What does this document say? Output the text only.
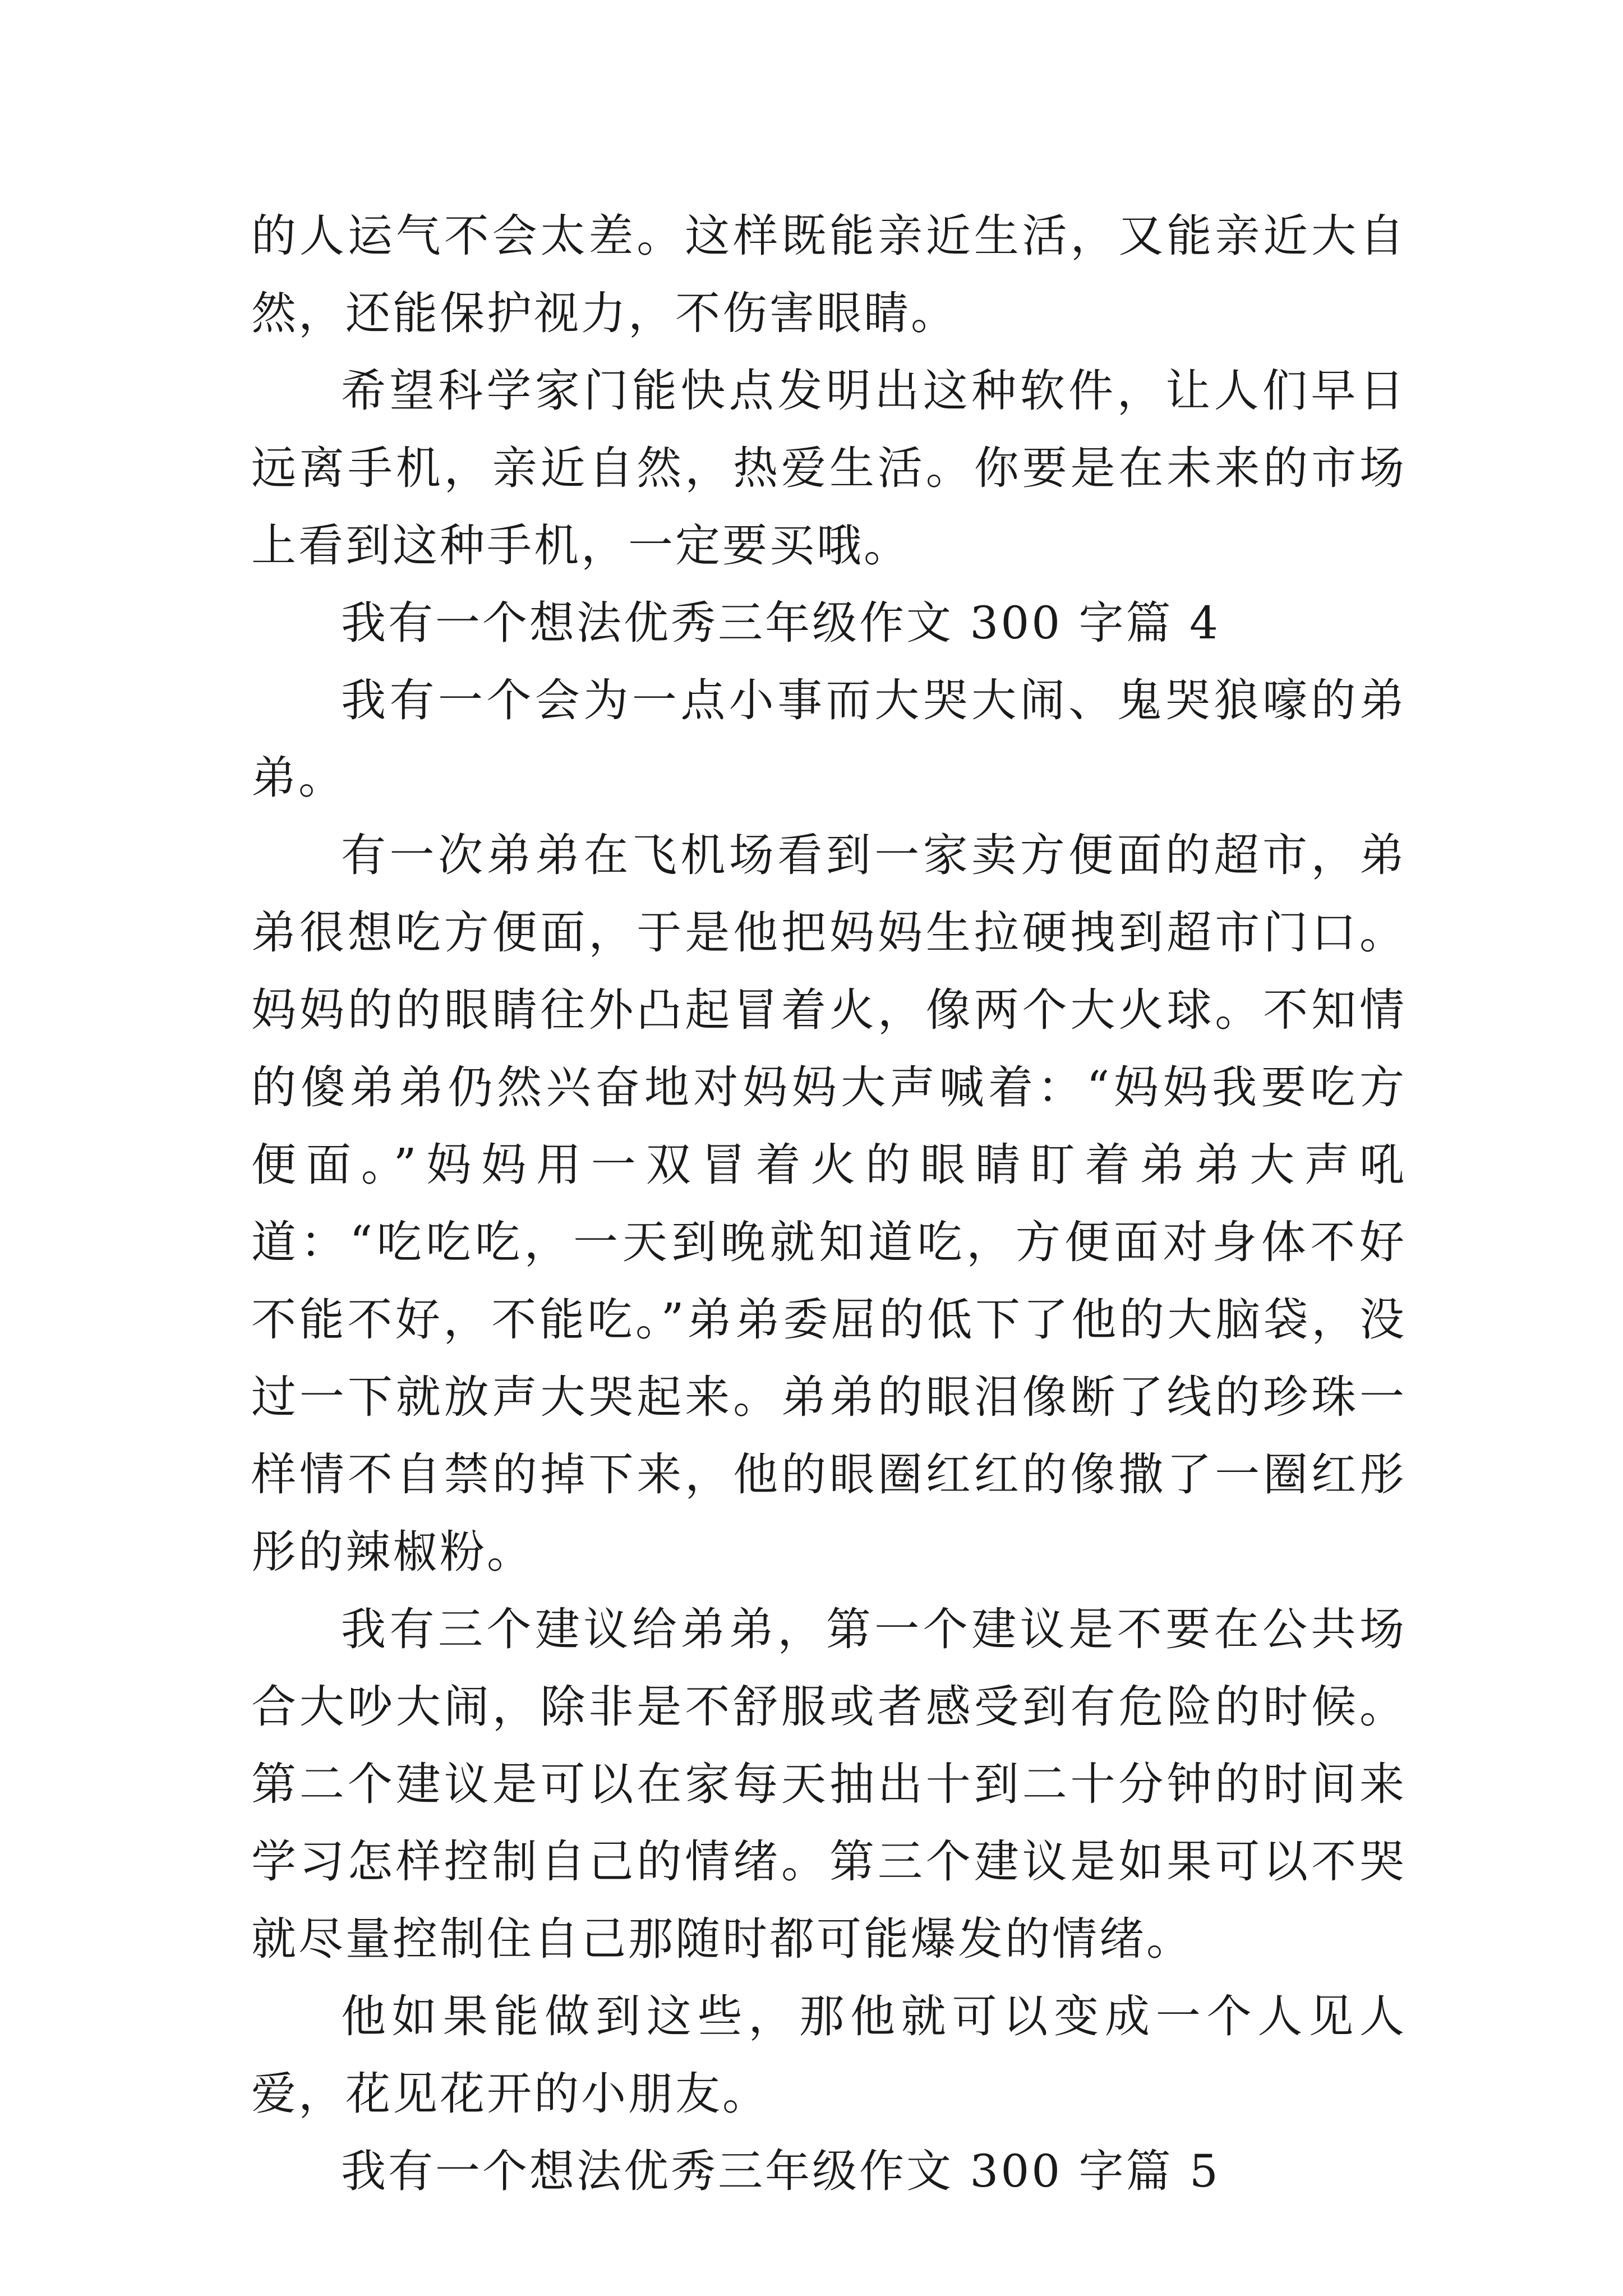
的人运气不会太差。这样既能亲近生活，又能亲近大自然，还能保护视力，不伤害眼睛。

希望科学家门能快点发明出这种软件，让人们早日远离手机，亲近自然，热爱生活。你要是在未来的市场上看到这种手机，一定要买哦。

我有一个想法优秀三年级作文 300 字篇 4

我有一个会为一点小事而大哭大闹、鬼哭狼嚎的弟弟。

有一次弟弟在飞机场看到一家卖方便面的超市，弟弟很想吃方便面，于是他把妈妈生拉硬拽到超市门口。妈妈的的眼睛往外凸起冒着火，像两个大火球。不知情的傻弟弟仍然兴奋地对妈妈大声喊着：“妈妈我要吃方便面。”妈妈用一双冒着火的眼睛盯着弟弟大声吼道：“吃吃吃，一天到晚就知道吃，方便面对身体不好不能不好，不能吃。”弟弟委屈的低下了他的大脑袋，没过一下就放声大哭起来。弟弟的眼泪像断了线的珍珠一样情不自禁的掉下来，他的眼圈红红的像撒了一圈红彤彤的辣椒粉。

我有三个建议给弟弟，第一个建议是不要在公共场合大吵大闹，除非是不舒服或者感受到有危险的时候。第二个建议是可以在家每天抽出十到二十分钟的时间来学习怎样控制自己的情绪。第三个建议是如果可以不哭就尽量控制住自己那随时都可能爆发的情绪。

他如果能做到这些，那他就可以变成一个人见人爱，花见花开的小朋友。

我有一个想法优秀三年级作文 300 字篇 5
